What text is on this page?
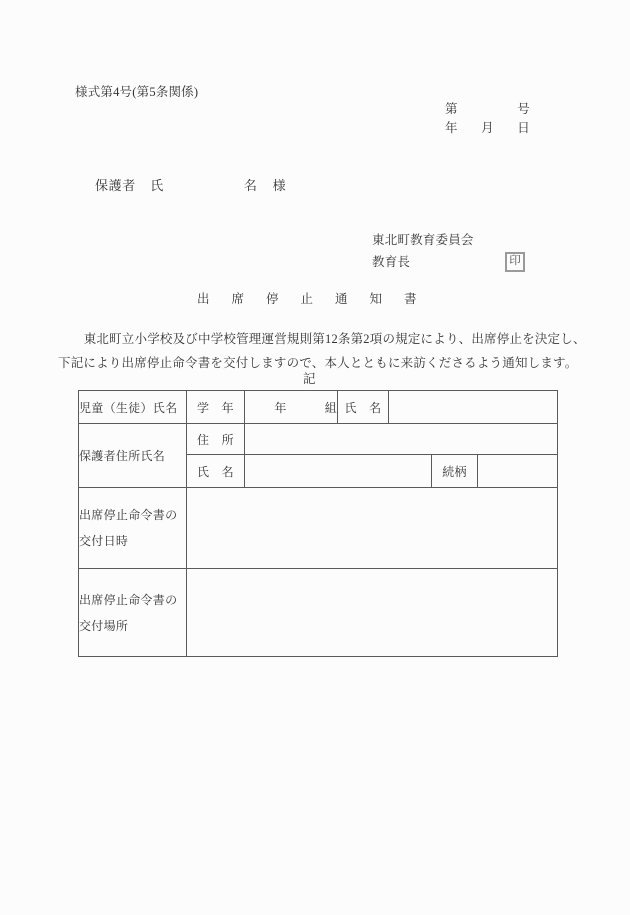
様式第4号(第5条関係)
第	号
年 月 日
保護者 氏	名 様
東北町教育委員会
教育長	印
出席停止通知書
　東北町立小学校及び中学校管理運営規則第12条第2項の規定により、出席停止を決定し、
下記により出席停止命令書を交付しますので、本人とともに来訪くださるよう通知します。
記
児童（生徒）氏名	学　年	年 組	氏　名			
保護者住所氏名	住　所					
	氏　名				続柄	

出席停止命令書の
交付日時						

出席停止命令書の
交付場所						
